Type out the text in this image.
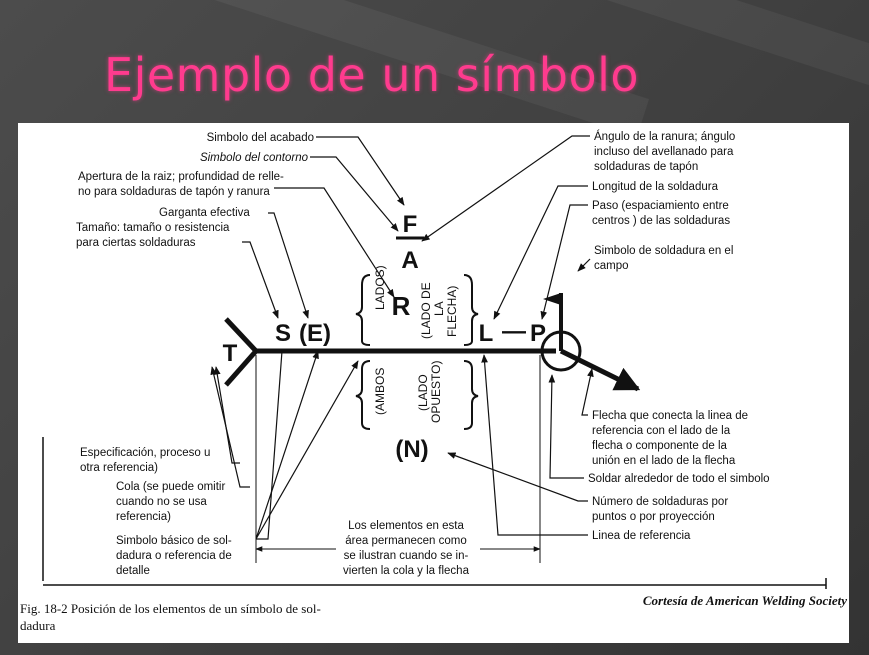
Ejemplo de un símbolo
F
A
R
S (E)	L — P
T
(N)
LADOS)	(LADO DE LA FLECHA)
(AMBOS (LADO OPUESTO)
Simbolo del acabado
Simbolo del contorno
Apertura de la raiz; profundidad de relle-
no para soldaduras de tapón y ranura
Garganta efectiva
Tamaño: tamaño o resistencia
para ciertas soldaduras
Especificación, proceso u
otra referencia)
Cola (se puede omitir
cuando no se usa
referencia)
Simbolo básico de sol-
dadura o referencia de
detalle
Ángulo de la ranura; ángulo
incluso del avellanado para
soldaduras de tapón
Longitud de la soldadura
Paso (espaciamiento entre
centros ) de las soldaduras
Simbolo de soldadura en el
campo
Flecha que conecta la linea de
referencia con el lado de la
flecha o componente de la
unión en el lado de la flecha
Soldar alrededor de todo el simbolo
Número de soldaduras por
puntos o por proyección
Linea de referencia
Los elementos en esta
área permanecen como
se ilustran cuando se in-
vierten la cola y la flecha
Fig. 18-2 Posición de los elementos de un símbolo de sol-
dadura
Cortesía de American Welding Society
